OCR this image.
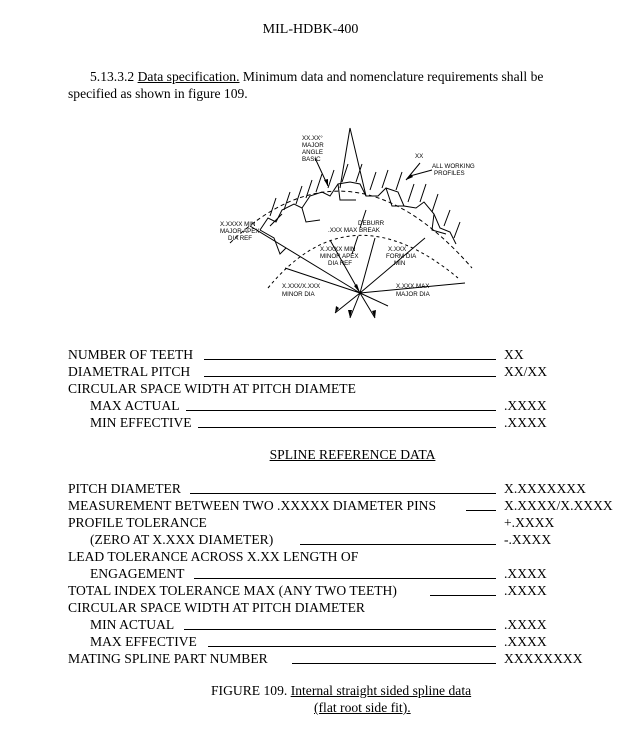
MIL-HDBK-400
5.13.3.2 Data specification. Minimum data and nomenclature requirements shall be
specified as shown in figure 109.
XX.XX°
MAJOR
ANGLE
BASIC	XX
ALL WORKING
PROFILES
X.XXXX MIN
MAJOR APEX
DIA REF
DEBURR
.XXX MAX BREAK
X.XXXX MIN
MINOR APEX
DIA REF
X.XXX
FORM DIA
MIN
X.XXX/X.XXX
MINOR DIA
X.XXX MAX
MAJOR DIA
NUMBER OF TEETH	XX
DIAMETRAL PITCH	XX/XX
CIRCULAR SPACE WIDTH AT PITCH DIAMETE
MAX ACTUAL	.XXXX
MIN EFFECTIVE	.XXXX
SPLINE REFERENCE DATA
PITCH DIAMETER	X.XXXXXXX
MEASUREMENT BETWEEN TWO .XXXXX DIAMETER PINS	X.XXXX/X.XXXX
PROFILE TOLERANCE	+.XXXX
(ZERO AT X.XXX DIAMETER)	-.XXXX
LEAD TOLERANCE ACROSS X.XX LENGTH OF
ENGAGEMENT	.XXXX
TOTAL INDEX TOLERANCE MAX (ANY TWO TEETH)	.XXXX
CIRCULAR SPACE WIDTH AT PITCH DIAMETER
MIN ACTUAL	.XXXX
MAX EFFECTIVE	.XXXX
MATING SPLINE PART NUMBER	XXXXXXXX
FIGURE 109. Internal straight sided spline data
(flat root side fit).
